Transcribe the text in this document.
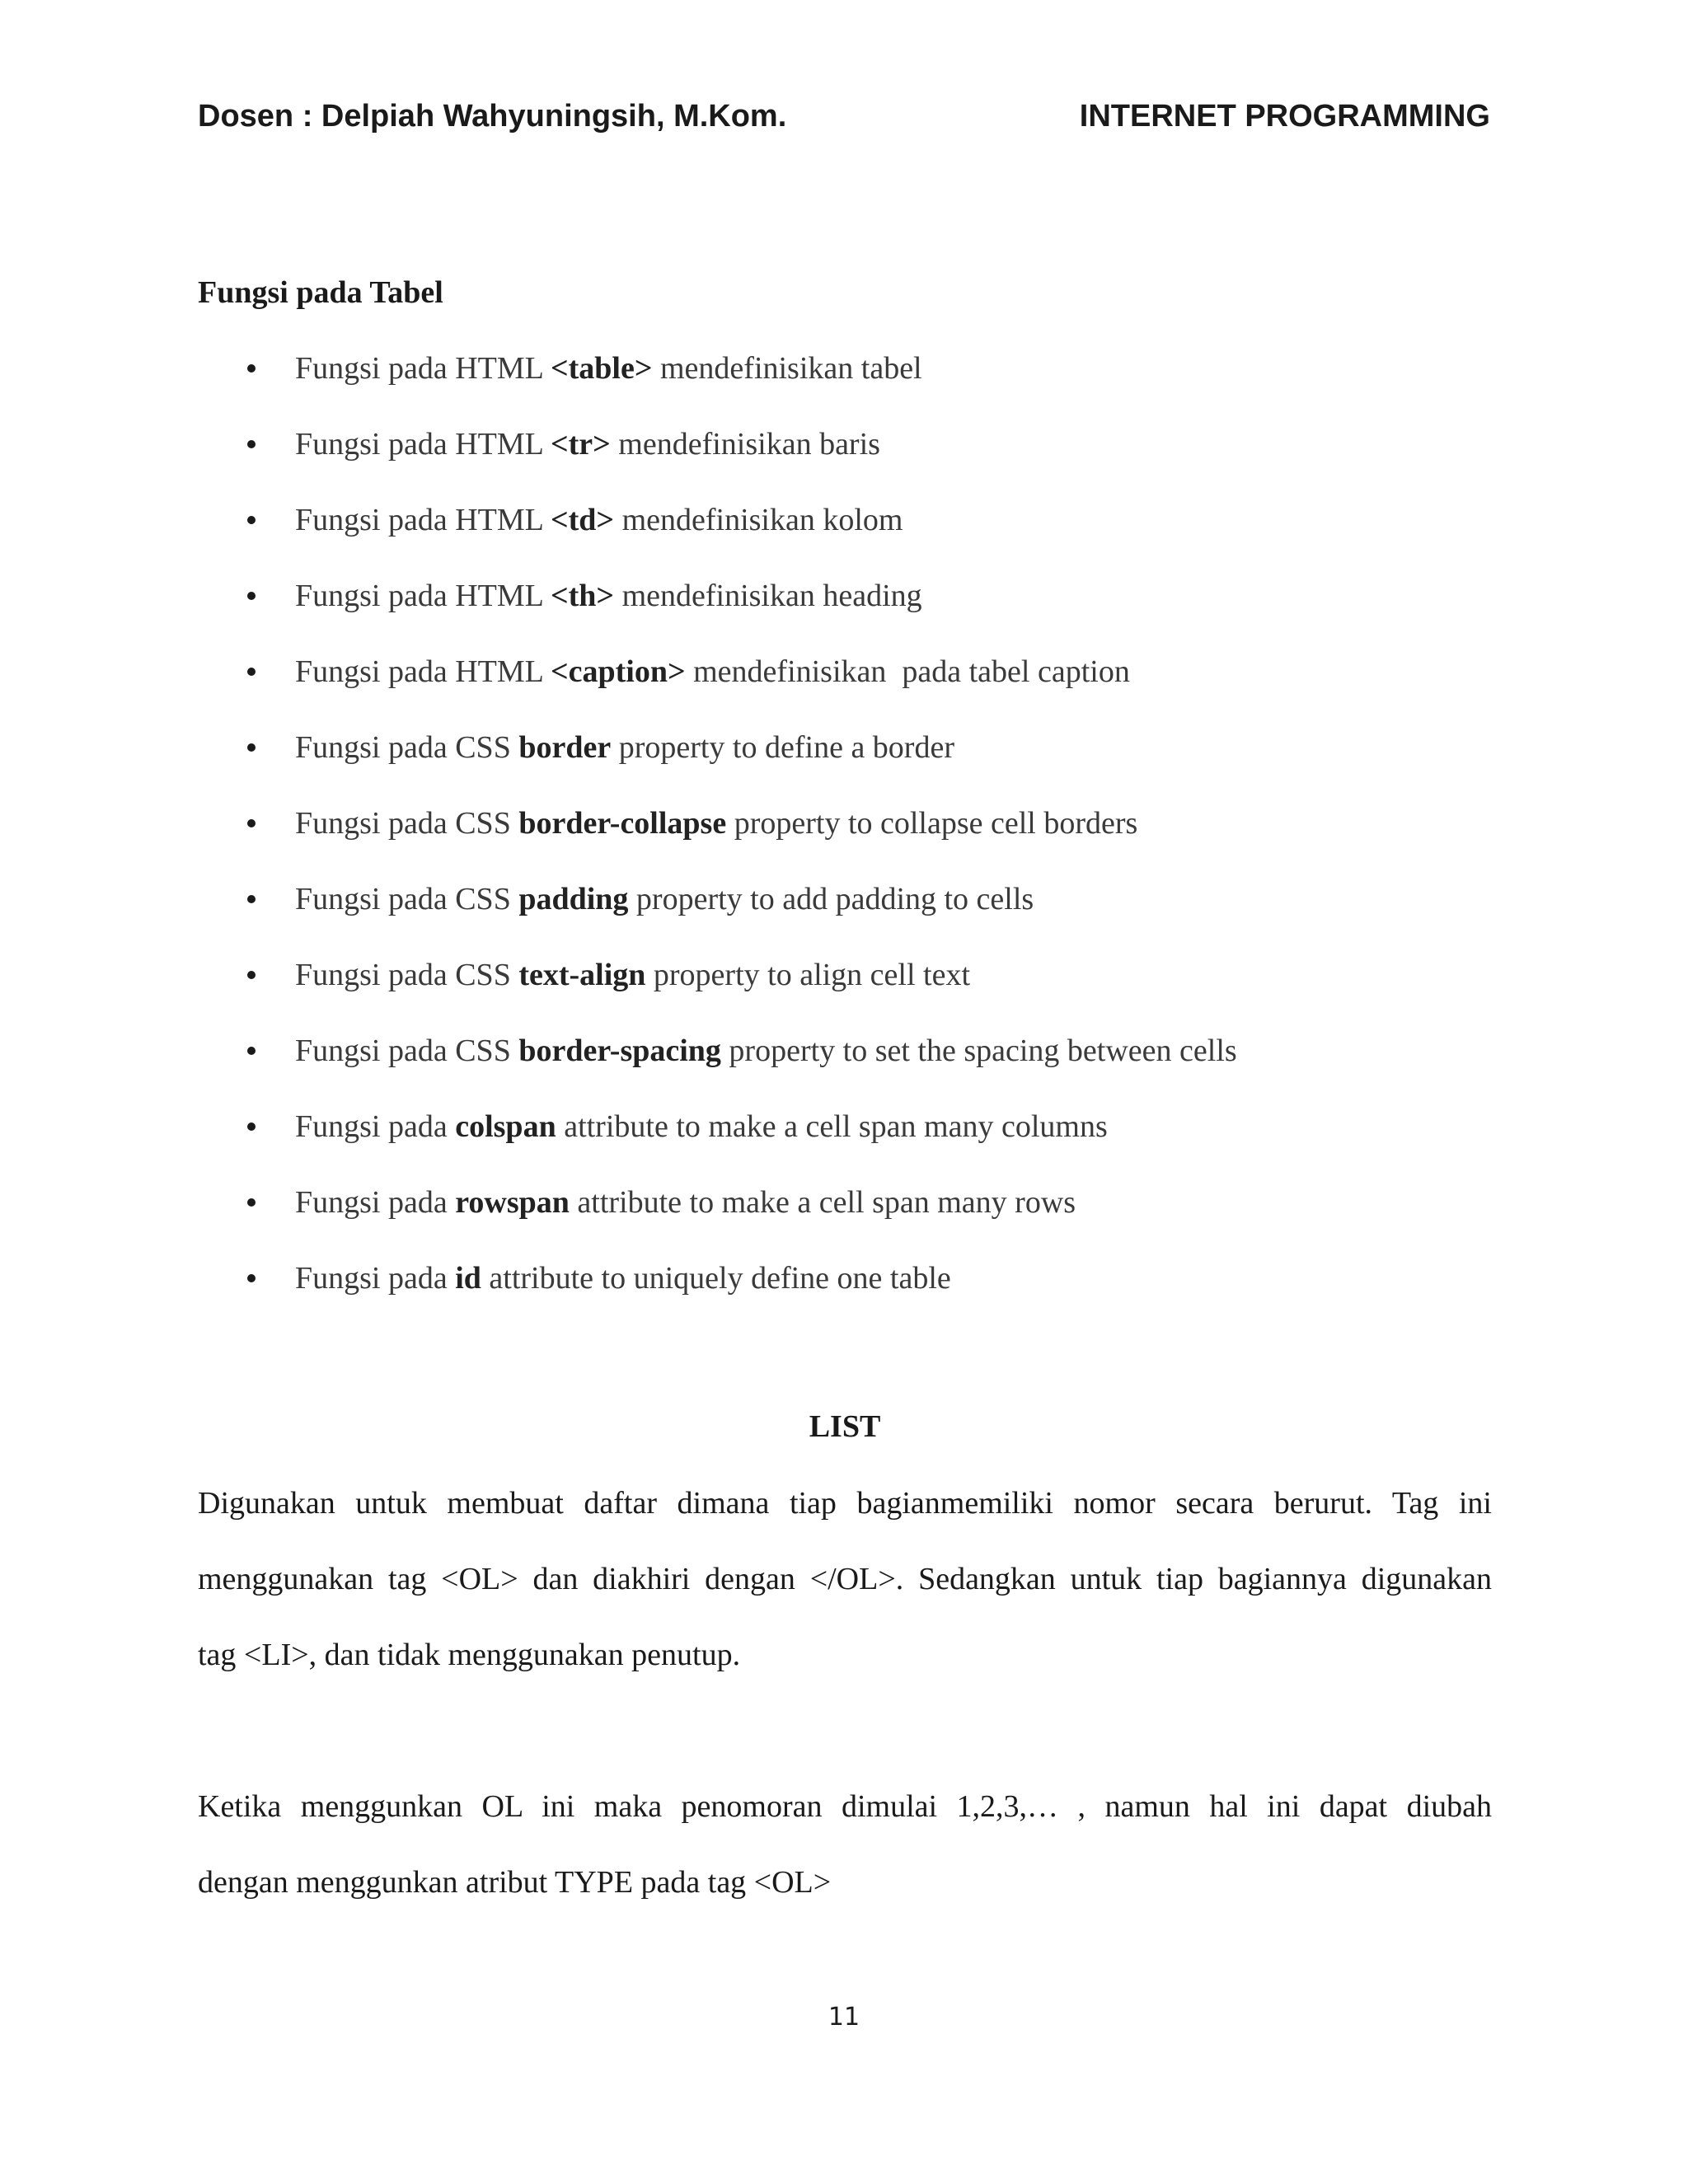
Dosen : Delpiah Wahyuningsih, M.Kom.	INTERNET PROGRAMMING
Fungsi pada Tabel
Fungsi pada HTML <table> mendefinisikan tabel
Fungsi pada HTML <tr> mendefinisikan baris
Fungsi pada HTML <td> mendefinisikan kolom
Fungsi pada HTML <th> mendefinisikan heading
Fungsi pada HTML <caption> mendefinisikan  pada tabel caption
Fungsi pada CSS border property to define a border
Fungsi pada CSS border-collapse property to collapse cell borders
Fungsi pada CSS padding property to add padding to cells
Fungsi pada CSS text-align property to align cell text
Fungsi pada CSS border-spacing property to set the spacing between cells
Fungsi pada colspan attribute to make a cell span many columns
Fungsi pada rowspan attribute to make a cell span many rows
Fungsi pada id attribute to uniquely define one table
LIST

Digunakan untuk membuat daftar dimana tiap bagianmemiliki nomor secara berurut. Tag ini
menggunakan tag <OL> dan diakhiri dengan </OL>. Sedangkan untuk tiap bagiannya digunakan
tag <LI>, dan tidak menggunakan penutup.

Ketika menggunkan OL ini maka penomoran dimulai 1,2,3,… , namun hal ini dapat diubah
dengan menggunkan atribut TYPE pada tag <OL>

11
